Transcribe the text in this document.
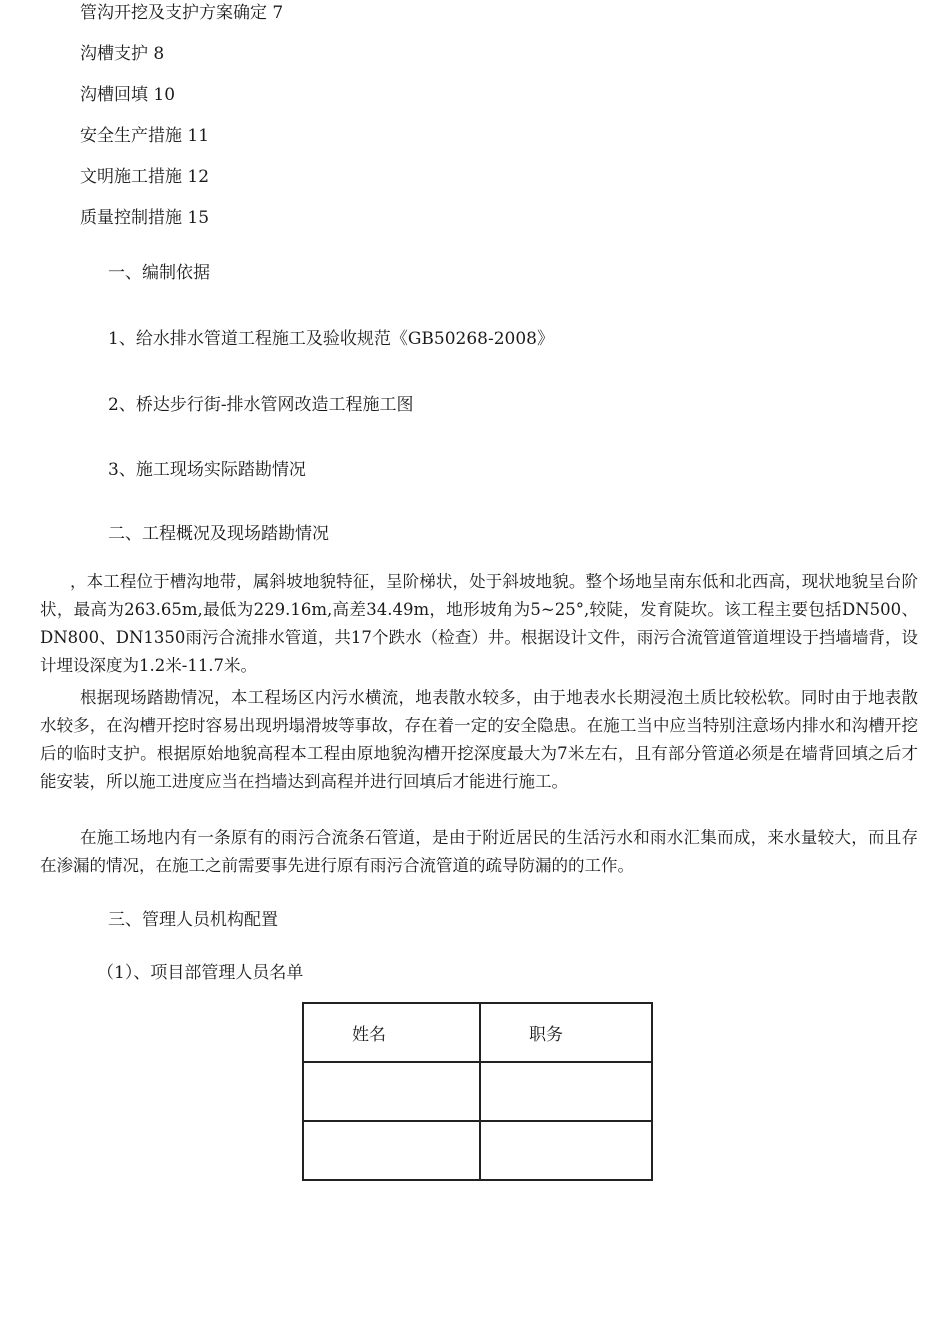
管沟开挖及支护方案确定 7
沟槽支护 8
沟槽回填 10
安全生产措施 11
文明施工措施 12
质量控制措施 15
一、编制依据
1、给水排水管道工程施工及验收规范《GB50268-2008》
2、桥达步行街-排水管网改造工程施工图
3、施工现场实际踏勘情况
二、工程概况及现场踏勘情况

，本工程位于槽沟地带，属斜坡地貌特征，呈阶梯状，处于斜坡地貌。整个场地呈南东低和北西高，现状地貌呈台阶状，最高为263.65m,最低为229.16m,高差34.49m，地形坡角为5~25°,较陡，发育陡坎。该工程主要包括DN500、DN800、DN1350雨污合流排水管道，共17个跌水（检查）井。根据设计文件，雨污合流管道管道埋设于挡墙墙背，设计埋设深度为1.2米-11.7米。

根据现场踏勘情况，本工程场区内污水横流，地表散水较多，由于地表水长期浸泡土质比较松软。同时由于地表散水较多，在沟槽开挖时容易出现坍塌滑坡等事故，存在着一定的安全隐患。在施工当中应当特别注意场内排水和沟槽开挖后的临时支护。根据原始地貌高程本工程由原地貌沟槽开挖深度最大为7米左右，且有部分管道必须是在墙背回填之后才能安装，所以施工进度应当在挡墙达到高程并进行回填后才能进行施工。

在施工场地内有一条原有的雨污合流条石管道，是由于附近居民的生活污水和雨水汇集而成，来水量较大，而且存在渗漏的情况，在施工之前需要事先进行原有雨污合流管道的疏导防漏的的工作。

三、管理人员机构配置
（1）、项目部管理人员名单
姓名	职务
